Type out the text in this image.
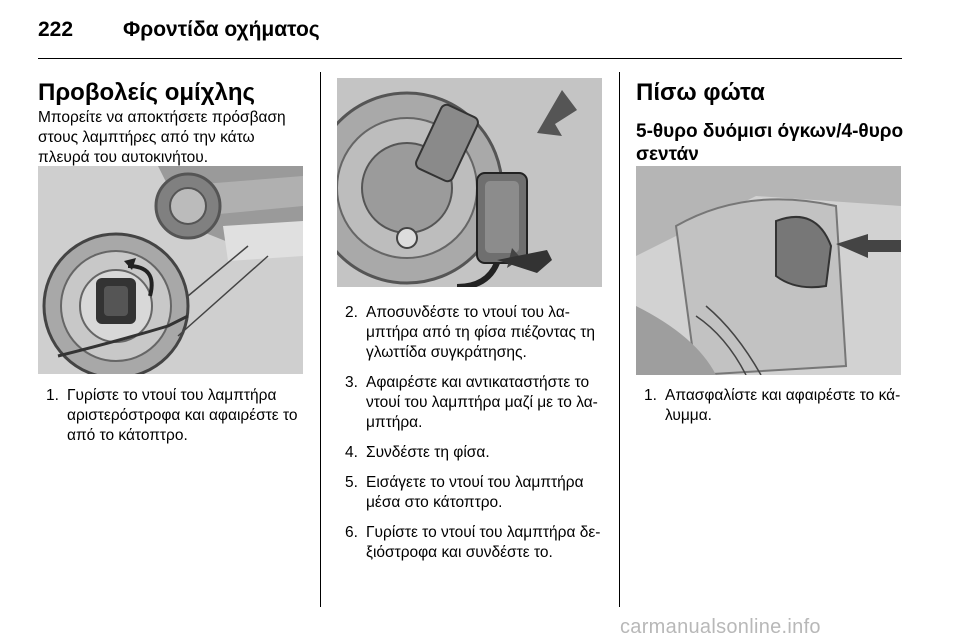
222 Φροντίδα οχήματος
Προβολείς ομίχλης
Μπορείτε να αποκτήσετε πρόσβαση
στους λαμπτήρες από την κάτω
πλευρά του αυτοκινήτου.
1. Γυρίστε το ντουί του λαμπτήρα
αριστερόστροφα και αφαιρέστε το
από το κάτοπτρο.
2. Αποσυνδέστε το ντουί του λα-
μπτήρα από τη φίσα πιέζοντας τη
γλωττίδα συγκράτησης.
3. Αφαιρέστε και αντικαταστήστε το
ντουί του λαμπτήρα μαζί με το λα-
μπτήρα.
4. Συνδέστε τη φίσα.
5. Εισάγετε το ντουί του λαμπτήρα
μέσα στο κάτοπτρο.
6. Γυρίστε το ντουί του λαμπτήρα δε-
ξιόστροφα και συνδέστε το.
Πίσω φώτα
5-θυρο δυόμισι όγκων/4-θυρο
σεντάν
1. Απασφαλίστε και αφαιρέστε το κά-
λυμμα.
carmanualsonline.info
